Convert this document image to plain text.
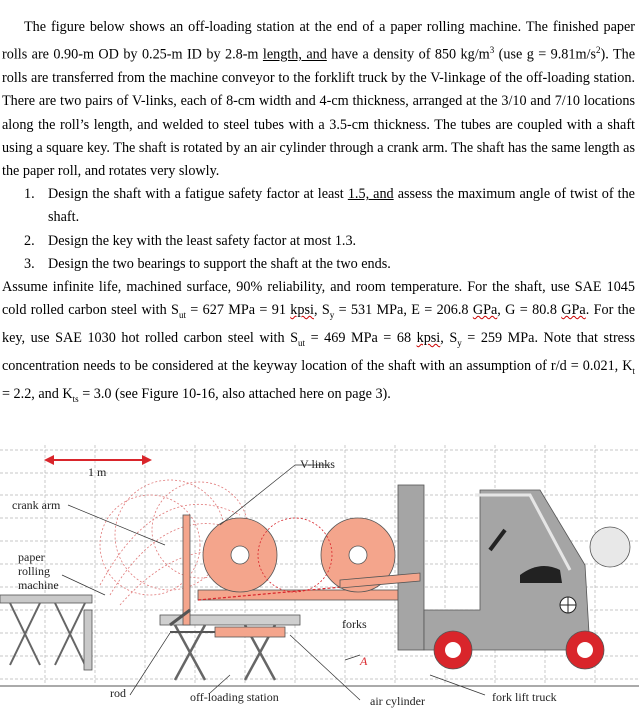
The figure below shows an off-loading station at the end of a paper rolling machine. The finished paper rolls are 0.90-m OD by 0.25-m ID by 2.8-m length, and have a density of 850 $kg/m^3$ (use $g = 9.81m/s^2$). The rolls are transferred from the machine conveyor to the forklift truck by the V-linkage of the off-loading station. There are two pairs of V-links, each of 8-cm width and 4-cm thickness, arranged at the 3/10 and 7/10 locations along the roll’s length, and welded to steel tubes with a 3.5-cm thickness. The tubes are coupled with a shaft using a square key. The shaft is rotated by an air cylinder through a crank arm. The shaft has the same length as the paper roll, and rotates very slowly.

1. Design the shaft with a fatigue safety factor at least 1.5, and assess the maximum angle of twist of the shaft.
2. Design the key with the least safety factor at most 1.3.
3. Design the two bearings to support the shaft at the two ends.

Assume infinite life, machined surface, 90% reliability, and room temperature. For the shaft, use SAE 1045 cold rolled carbon steel with $S_{ut} = 627$ MPa = 91 kpsi, $S_y = 531$ MPa, E = 206.8 GPa, G = 80.8 GPa. For the key, use SAE 1030 hot rolled carbon steel with $S_{ut} = 469$ MPa = 68 kpsi, $S_y = 259$ MPa. Note that stress concentration needs to be considered at the keyway location of the shaft with an assumption of r/d = 0.021, $K_t = 2.2$, and $K_{ts} = 3.0$ (see Figure 10-16, also attached here on page 3).

1 m
V-links
crank arm
paper
rolling
machine
forks
A
rod	off-loading station	air cylinder	fork lift truck
